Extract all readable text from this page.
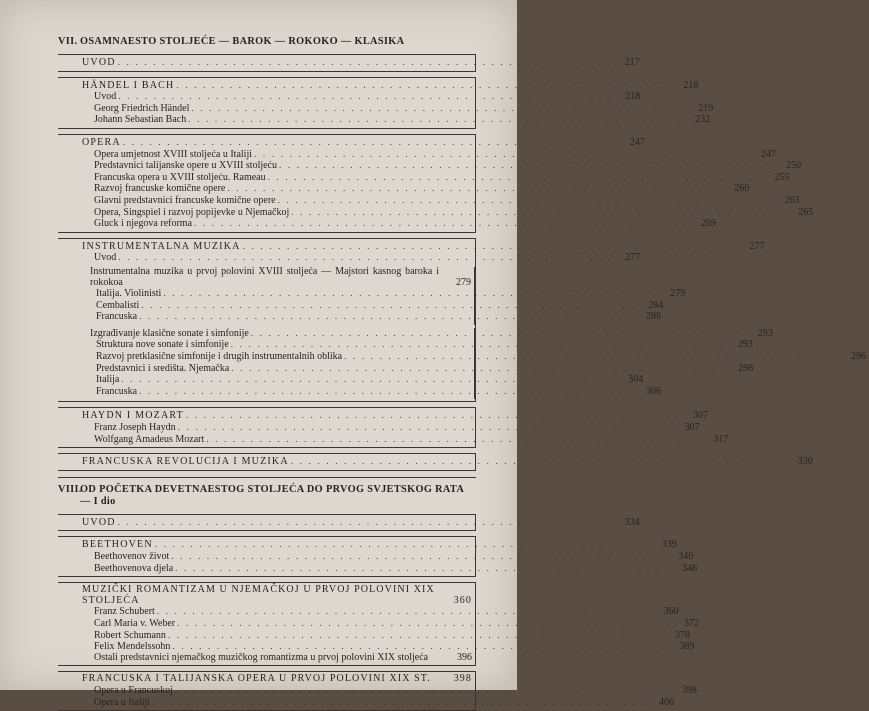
VII. OSAMNAESTO STOLJEĆE — BAROK — ROKOKO — KLASIKA
UVOD . . . . . . . . . . . . . . . . . . . . . . . . . . . . . . . . . . . . . . . . . . . . . . . . . . . . . . . .	217
HÄNDEL I BACH . . . . . . . . . . . . . . . . . . . . . . . . . . . . . . . . . . . . . . . . . . . . . . . . . . . . . . . .	218
Uvod . . . . . . . . . . . . . . . . . . . . . . . . . . . . . . . . . . . . . . . . . . . . . . . . . . . . . . . .	218
Georg Friedrich Händel . . . . . . . . . . . . . . . . . . . . . . . . . . . . . . . . . . . . . . . . . . . . . . . . . . . . . . . .	219
Johann Sebastian Bach . . . . . . . . . . . . . . . . . . . . . . . . . . . . . . . . . . . . . . . . . . . . . . . . . . . . . . . .	232
OPERA . . . . . . . . . . . . . . . . . . . . . . . . . . . . . . . . . . . . . . . . . . . . . . . . . . . . . . . .	247
Opera umjetnost XVIII stoljeća u Italiji . . . . . . . . . . . . . . . . . . . . . . . . . . . . . . . . . . . . . . . . . . . . . . . . . . . . . . . .	247
Predstavnici talijanske opere u XVIII stoljeću . . . . . . . . . . . . . . . . . . . . . . . . . . . . . . . . . . . . . . . . . . . . . . . . . . . . . . . .	250
Francuska opera u XVIII stoljeću. Rameau . . . . . . . . . . . . . . . . . . . . . . . . . . . . . . . . . . . . . . . . . . . . . . . . . . . . . . . .	255
Razvoj francuske komične opere . . . . . . . . . . . . . . . . . . . . . . . . . . . . . . . . . . . . . . . . . . . . . . . . . . . . . . . .	260
Glavni predstavnici francuske komične opere . . . . . . . . . . . . . . . . . . . . . . . . . . . . . . . . . . . . . . . . . . . . . . . . . . . . . . . .	263
Opera, Singspiel i razvoj popijevke u Njemačkoj . . . . . . . . . . . . . . . . . . . . . . . . . . . . . . . . . . . . . . . . . . . . . . . . . . . . . . . .	265
Gluck i njegova reforma . . . . . . . . . . . . . . . . . . . . . . . . . . . . . . . . . . . . . . . . . . . . . . . . . . . . . . . .	269
INSTRUMENTALNA MUZIKA . . . . . . . . . . . . . . . . . . . . . . . . . . . . . . . . . . . . . . . . . . . . . . . . . . . . . . . .	277
Uvod . . . . . . . . . . . . . . . . . . . . . . . . . . . . . . . . . . . . . . . . . . . . . . . . . . . . . . . .	277
Instrumentalna muzika u prvoj polovini XVIII stoljeća — Majstori kasnog baroka i rokokoa	279
Italija. Violinisti . . . . . . . . . . . . . . . . . . . . . . . . . . . . . . . . . . . . . . . . . . . . . . . . . . . . . . . .	279
Cembalisti . . . . . . . . . . . . . . . . . . . . . . . . . . . . . . . . . . . . . . . . . . . . . . . . . . . . . . . .	284
Francuska . . . . . . . . . . . . . . . . . . . . . . . . . . . . . . . . . . . . . . . . . . . . . . . . . . . . . . . .	288
Izgrađivanje klasične sonate i simfonije . . . . . . . . . . . . . . . . . . . . . . . . . . . . . . . . . . . . . . . . . . . . . . . . . . . . . . . .	293
Struktura nove sonate i simfonije . . . . . . . . . . . . . . . . . . . . . . . . . . . . . . . . . . . . . . . . . . . . . . . . . . . . . . . .	293
Razvoj pretklasične simfonije i drugih instrumentalnih oblika . . . . . . . . . . . . . . . . . . . . . . . . . . . . . . . . . . . . . . . . . . . . . . . . . . . . . . . .	296
Predstavnici i središta. Njemačka . . . . . . . . . . . . . . . . . . . . . . . . . . . . . . . . . . . . . . . . . . . . . . . . . . . . . . . .	298
Italija . . . . . . . . . . . . . . . . . . . . . . . . . . . . . . . . . . . . . . . . . . . . . . . . . . . . . . . .	304
Francuska . . . . . . . . . . . . . . . . . . . . . . . . . . . . . . . . . . . . . . . . . . . . . . . . . . . . . . . .	306
HAYDN I MOZART . . . . . . . . . . . . . . . . . . . . . . . . . . . . . . . . . . . . . . . . . . . . . . . . . . . . . . . .	307
Franz Joseph Haydn . . . . . . . . . . . . . . . . . . . . . . . . . . . . . . . . . . . . . . . . . . . . . . . . . . . . . . . .	307
Wolfgang Amadeus Mozart . . . . . . . . . . . . . . . . . . . . . . . . . . . . . . . . . . . . . . . . . . . . . . . . . . . . . . . .	317
FRANCUSKA REVOLUCIJA I MUZIKA . . . . . . . . . . . . . . . . . . . . . . . . . . . . . . . . . . . . . . . . . . . . . . . . . . . . . . . .	330
VIII.
OD POČETKA DEVETNAESTOG STOLJEĆA DO PRVOG SVJETSKOG RATA — I dio
UVOD . . . . . . . . . . . . . . . . . . . . . . . . . . . . . . . . . . . . . . . . . . . . . . . . . . . . . . . .	334
BEETHOVEN . . . . . . . . . . . . . . . . . . . . . . . . . . . . . . . . . . . . . . . . . . . . . . . . . . . . . . . .	339
Beethovenov život . . . . . . . . . . . . . . . . . . . . . . . . . . . . . . . . . . . . . . . . . . . . . . . . . . . . . . . .	340
Beethovenova djela . . . . . . . . . . . . . . . . . . . . . . . . . . . . . . . . . . . . . . . . . . . . . . . . . . . . . . . .	346
MUZIČKI ROMANTIZAM U NJEMAČKOJ U PRVOJ POLOVINI XIX STOLJEĆA	360
Franz Schubert . . . . . . . . . . . . . . . . . . . . . . . . . . . . . . . . . . . . . . . . . . . . . . . . . . . . . . . .	360
Carl Maria v. Weber . . . . . . . . . . . . . . . . . . . . . . . . . . . . . . . . . . . . . . . . . . . . . . . . . . . . . . . .	372
Robert Schumann . . . . . . . . . . . . . . . . . . . . . . . . . . . . . . . . . . . . . . . . . . . . . . . . . . . . . . . .	378
Felix Mendelssohn . . . . . . . . . . . . . . . . . . . . . . . . . . . . . . . . . . . . . . . . . . . . . . . . . . . . . . . .	389
Ostali predstavnici njemačkog muzičkog romantizma u prvoj polovini XIX stoljeća	396
FRANCUSKA I TALIJANSKA OPERA U PRVOJ POLOVINI XIX ST.	398
Opera u Francuskoj . . . . . . . . . . . . . . . . . . . . . . . . . . . . . . . . . . . . . . . . . . . . . . . . . . . . . . . .	398
Opera u Italiji . . . . . . . . . . . . . . . . . . . . . . . . . . . . . . . . . . . . . . . . . . . . . . . . . . . . . . . .	406
